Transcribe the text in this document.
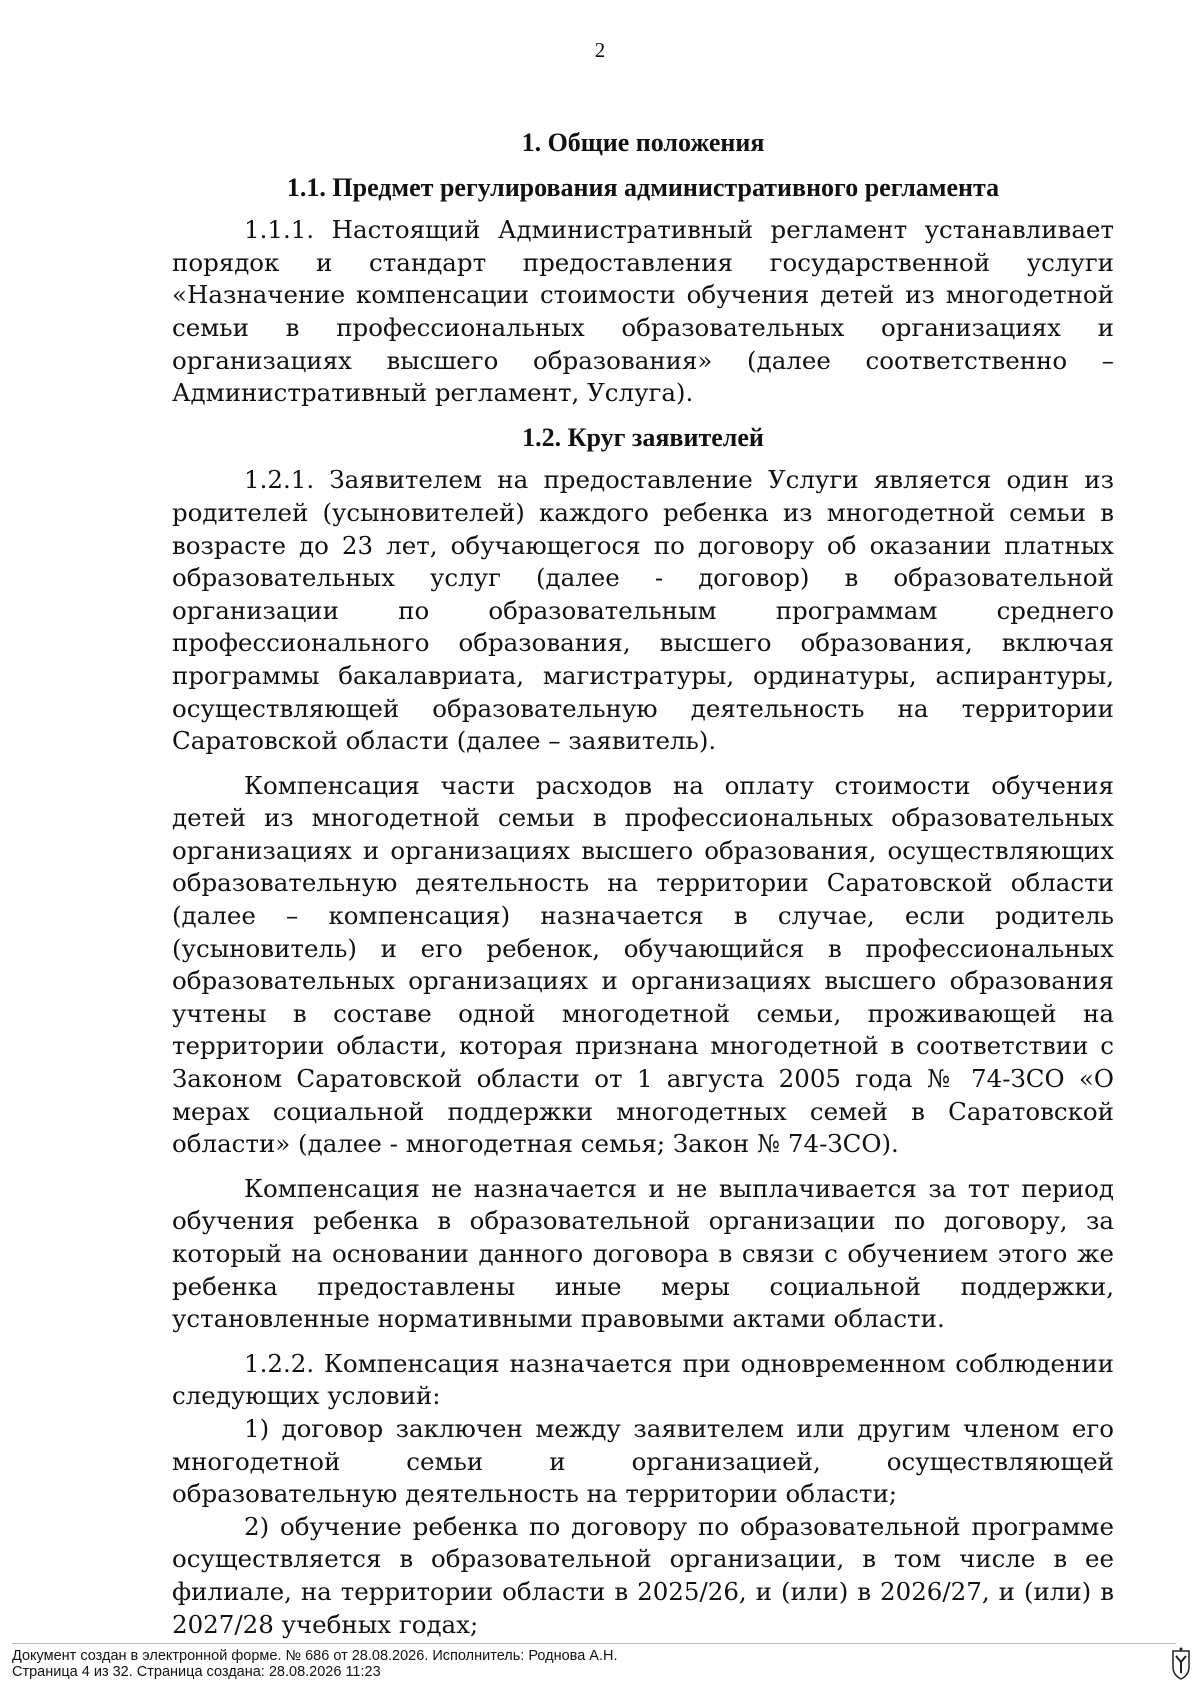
2
1. Общие положения
1.1. Предмет регулирования административного регламента

1.1.1. Настоящий Административный регламент устанавливает порядок и стандарт предоставления государственной услуги «Назначение компенсации стоимости обучения детей из многодетной семьи в профессиональных образовательных организациях и организациях высшего образования» (далее соответственно – Административный регламент, Услуга).

1.2. Круг заявителей

1.2.1. Заявителем на предоставление Услуги является один из родителей (усыновителей) каждого ребенка из многодетной семьи в возрасте до 23 лет, обучающегося по договору об оказании платных образовательных услуг (далее - договор) в образовательной организации по образовательным программам среднего профессионального образования, высшего образования, включая программы бакалавриата, магистратуры, ординатуры, аспирантуры, осуществляющей образовательную деятельность на территории Саратовской области (далее – заявитель).

Компенсация части расходов на оплату стоимости обучения детей из многодетной семьи в профессиональных образовательных организациях и организациях высшего образования, осуществляющих образовательную деятельность на территории Саратовской области (далее – компенсация) назначается в случае, если родитель (усыновитель) и его ребенок, обучающийся в профессиональных образовательных организациях и организациях высшего образования учтены в составе одной многодетной семьи, проживающей на территории области, которая признана многодетной в соответствии с Законом Саратовской области от 1 августа 2005 года № 74-ЗСО «О мерах социальной поддержки многодетных семей в Саратовской области» (далее - многодетная семья; Закон № 74-ЗСО).

Компенсация не назначается и не выплачивается за тот период обучения ребенка в образовательной организации по договору, за который на основании данного договора в связи с обучением этого же ребенка предоставлены иные меры социальной поддержки, установленные нормативными правовыми актами области.

1.2.2. Компенсация назначается при одновременном соблюдении следующих условий:

1) договор заключен между заявителем или другим членом его многодетной семьи и организацией, осуществляющей образовательную деятельность на территории области;

2) обучение ребенка по договору по образовательной программе осуществляется в образовательной организации, в том числе в ее филиале, на территории области в 2025/26, и (или) в 2026/27, и (или) в 2027/28 учебных годах;

Документ создан в электронной форме. № 686 от 28.08.2026. Исполнитель: Роднова А.Н.
Страница 4 из 32. Страница создана: 28.08.2026 11:23
